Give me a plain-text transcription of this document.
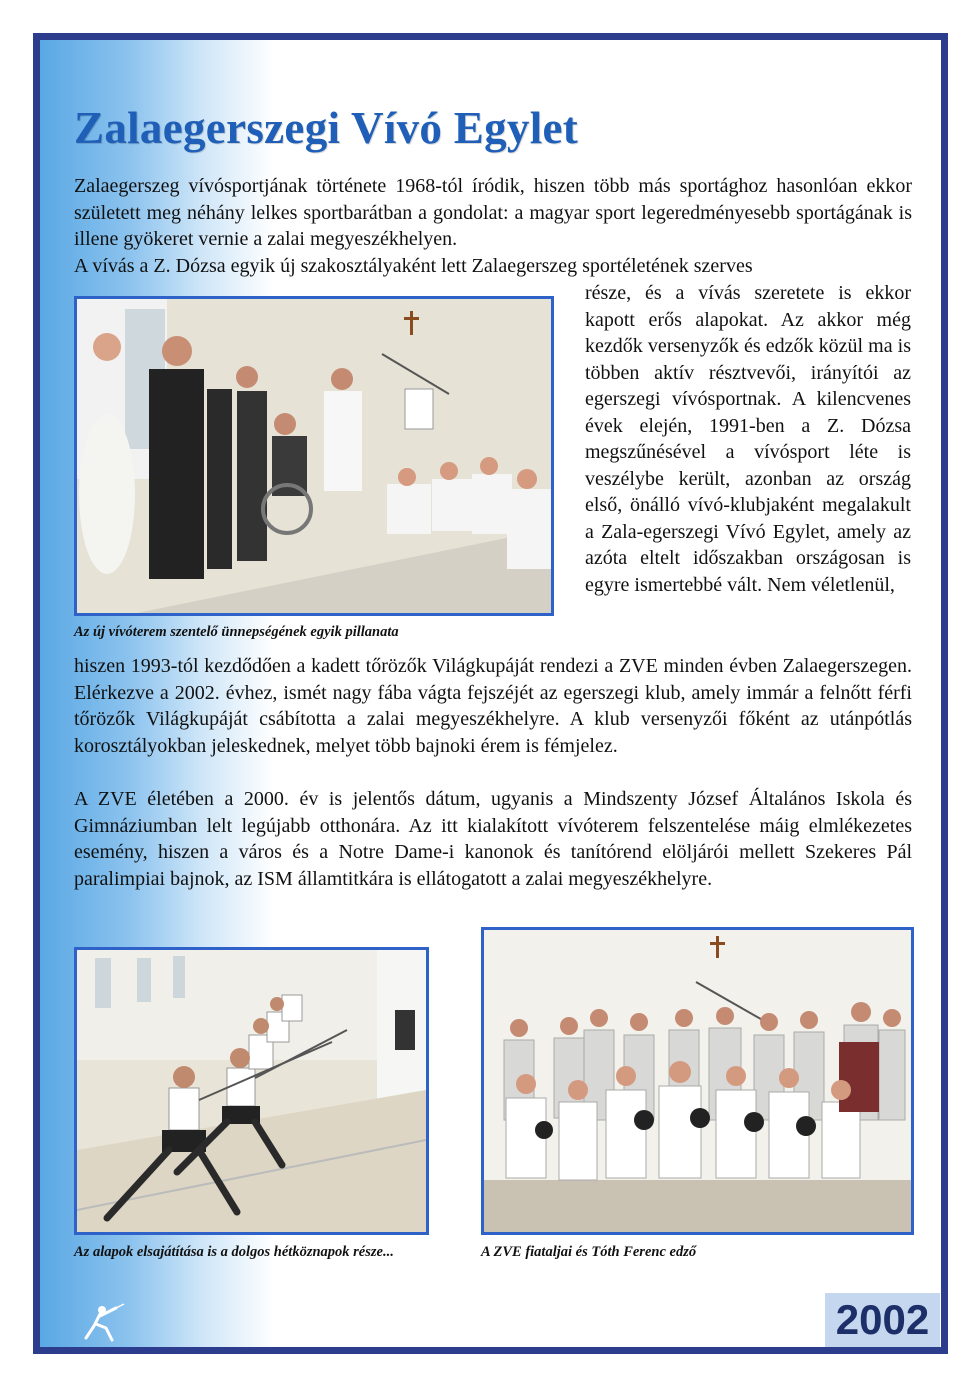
Zalaegerszegi Vívó Egylet

Zalaegerszeg vívósportjának története 1968-tól íródik, hiszen több más sportághoz hasonlóan ekkor született meg néhány lelkes sportbarátban a gondolat: a magyar sport legeredményesebb sportágának is illene gyökeret vernie a zalai megyeszékhelyen.

A vívás a Z. Dózsa egyik új szakosztályaként lett Zalaegerszeg sportéletének szerves

része, és a vívás szeretete is ekkor kapott erős alapokat. Az akkor még kezdők versenyzők és edzők közül ma is többen aktív résztvevői, irányítói az egerszegi vívósportnak. A kilencvenes évek elején, 1991-ben a Z. Dózsa megszűnésével a vívósport léte is veszélybe került, azonban az ország első, önálló vívó-klubjaként megalakult a Zala-egerszegi Vívó Egylet, amely az azóta eltelt időszakban országosan is egyre ismertebbé vált. Nem véletlenül,

hiszen 1993-tól kezdődően a kadett tőrözők Világkupáját rendezi a ZVE minden évben Zalaegerszegen. Elérkezve a 2002. évhez, ismét nagy fába vágta fejszéjét az egerszegi klub, amely immár a felnőtt férfi tőrözők Világkupáját csábította a zalai megyeszékhelyre. A klub versenyzői főként az utánpótlás korosztályokban jeleskednek, melyet több bajnoki érem is fémjelez.

A ZVE életében a 2000. év is jelentős dátum, ugyanis a Mindszenty József Általános Iskola és Gimnáziumban lelt legújabb otthonára. Az itt kialakított vívóterem felszentelése máig elmlékezetes esemény, hiszen a város és a Notre Dame-i kanonok és tanítórend elöljárói mellett Szekeres Pál paralimpiai bajnok, az ISM államtitkára is ellátogatott a zalai megyeszékhelyre.

Az új vívóterem szentelő ünnepségének egyik pillanata

Az alapok elsajátítása is a dolgos hétköznapok része...	A ZVE fiataljai és Tóth Ferenc edző

2002
